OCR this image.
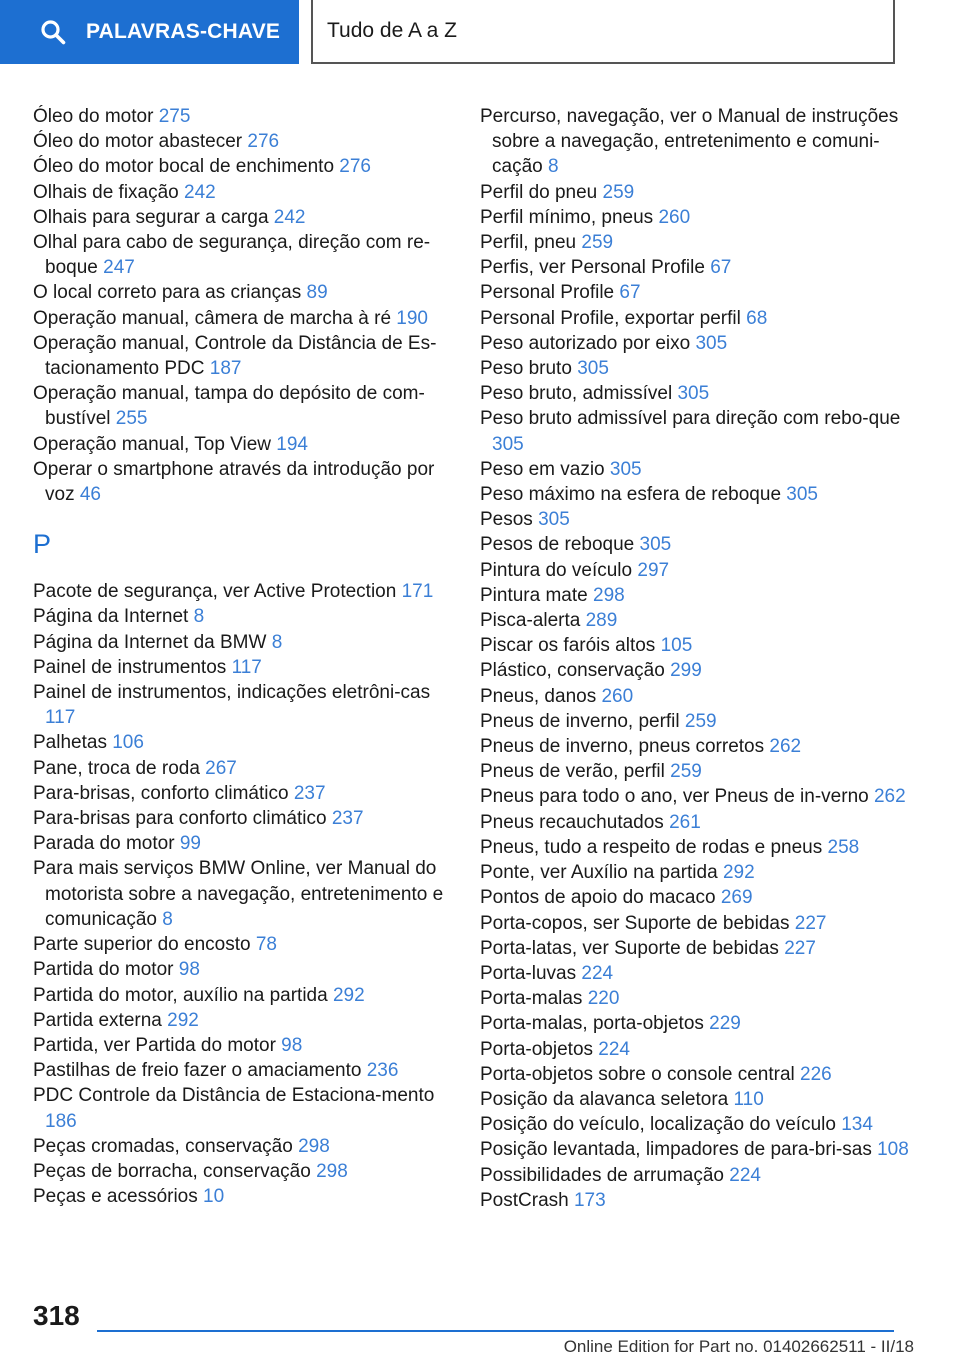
PALAVRAS-CHAVE	Tudo de A a Z

Óleo do motor 275

Óleo do motor abastecer 276

Óleo do motor bocal de enchimento 276

Olhais de fixação 242

Olhais para segurar a carga 242

Olhal para cabo de segurança, direção com re-boque 247

O local correto para as crianças 89

Operação manual, câmera de marcha à ré 190

Operação manual, Controle da Distância de Es-tacionamento PDC 187

Operação manual, tampa do depósito de com-bustível 255

Operação manual, Top View 194

Operar o smartphone através da introdução por voz 46

P

Pacote de segurança, ver Active Protection 171

Página da Internet 8

Página da Internet da BMW 8

Painel de instrumentos 117

Painel de instrumentos, indicações eletrôni-cas 117

Palhetas 106

Pane, troca de roda 267

Para-brisas, conforto climático 237

Para-brisas para conforto climático 237

Parada do motor 99

Para mais serviços BMW Online, ver Manual do motorista sobre a navegação, entretenimento e comunicação 8

Parte superior do encosto 78

Partida do motor 98

Partida do motor, auxílio na partida 292

Partida externa 292

Partida, ver Partida do motor 98

Pastilhas de freio fazer o amaciamento 236

PDC Controle da Distância de Estaciona-mento 186

Peças cromadas, conservação 298

Peças de borracha, conservação 298

Peças e acessórios 10

Percurso, navegação, ver o Manual de instruções sobre a navegação, entretenimento e comuni-cação 8

Perfil do pneu 259

Perfil mínimo, pneus 260

Perfil, pneu 259

Perfis, ver Personal Profile 67

Personal Profile 67

Personal Profile, exportar perfil 68

Peso autorizado por eixo 305

Peso bruto 305

Peso bruto, admissível 305

Peso bruto admissível para direção com rebo-que 305

Peso em vazio 305

Peso máximo na esfera de reboque 305

Pesos 305

Pesos de reboque 305

Pintura do veículo 297

Pintura mate 298

Pisca-alerta 289

Piscar os faróis altos 105

Plástico, conservação 299

Pneus, danos 260

Pneus de inverno, perfil 259

Pneus de inverno, pneus corretos 262

Pneus de verão, perfil 259

Pneus para todo o ano, ver Pneus de in-verno 262

Pneus recauchutados 261

Pneus, tudo a respeito de rodas e pneus 258

Ponte, ver Auxílio na partida 292

Pontos de apoio do macaco 269

Porta-copos, ser Suporte de bebidas 227

Porta-latas, ver Suporte de bebidas 227

Porta-luvas 224

Porta-malas 220

Porta-malas, porta-objetos 229

Porta-objetos 224

Porta-objetos sobre o console central 226

Posição da alavanca seletora 110

Posição do veículo, localização do veículo 134

Posição levantada, limpadores de para-bri-sas 108

Possibilidades de arrumação 224

PostCrash 173

318
Online Edition for Part no. 01402662511 - II/18
